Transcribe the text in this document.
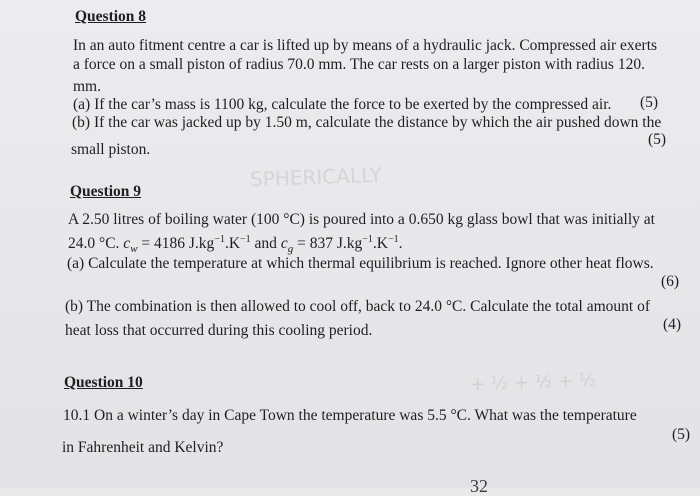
SPHERICALLY
+ ½ + ½ + ½
Question 8

In an auto fitment centre a car is lifted up by means of a hydraulic jack. Compressed air exerts

a force on a small piston of radius 70.0 mm. The car rests on a larger piston with radius 120.

mm.

(a) If the car’s mass is 1100 kg, calculate the force to be exerted by the compressed air. (5)

(b) If the car was jacked up by 1.50 m, calculate the distance by which the air pushed down the

(5)

small piston.

Question 9

A 2.50 litres of boiling water (100 °C) is poured into a 0.650 kg glass bowl that was initially at

24.0 °C. $c_w = 4186$ $J.kg^{-1}.K^{-1}$ and $c_g = 837$ $J.kg^{-1}.K^{-1}$.

(a) Calculate the temperature at which thermal equilibrium is reached. Ignore other heat flows.

(6)

(b) The combination is then allowed to cool off, back to 24.0 °C. Calculate the total amount of

(4)

heat loss that occurred during this cooling period.

Question 10

10.1 On a winter’s day in Cape Town the temperature was 5.5 °C. What was the temperature

in Fahrenheit and Kelvin?

(5)
32
